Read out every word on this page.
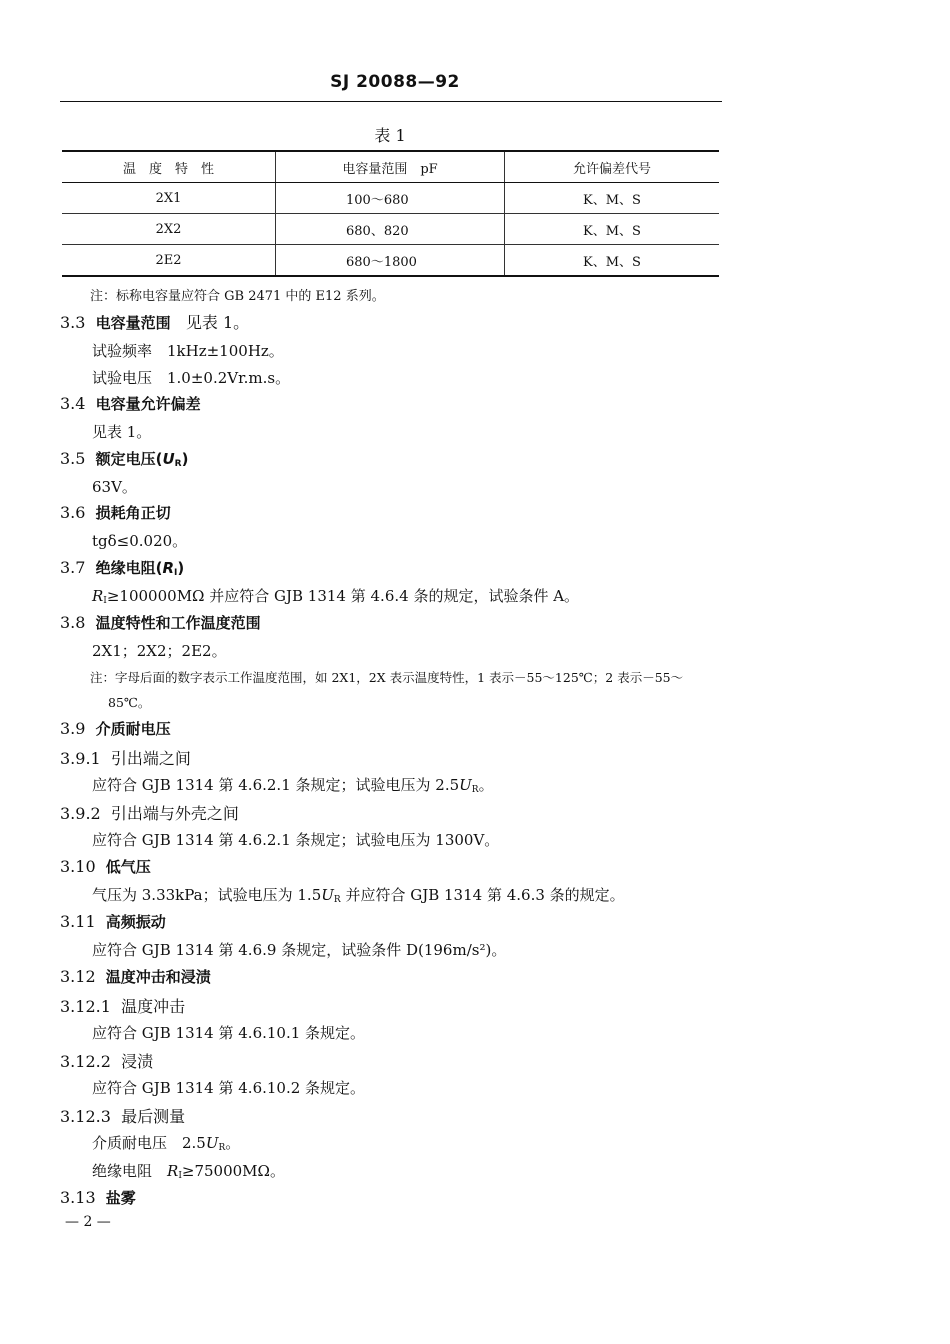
SJ 20088—92
表 1
温　度　特　性	电容量范围　pF	允许偏差代号
2X1	100～680	K、M、S
2X2	680、820	K、M、S
2E2	680～1800	K、M、S
注：标称电容量应符合 GB 2471 中的 E12 系列。
3.3 电容量范围 见表 1。
试验频率　1kHz±100Hz。
试验电压　1.0±0.2Vr.m.s。
3.4 电容量允许偏差
见表 1。
3.5 额定电压$(U_R)$
63V。
3.6 损耗角正切
tgδ≤0.020。
3.7 绝缘电阻$(R_I)$
$R_I\ge 100000M\Omega$ 并应符合 GJB 1314 第 4.6.4 条的规定，试验条件 A。
3.8 温度特性和工作温度范围
2X1；2X2；2E2。
注：字母后面的数字表示工作温度范围，如 2X1，2X 表示温度特性，1 表示－55～125℃；2 表示－55～
85℃。
3.9 介质耐电压
3.9.1 引出端之间
应符合 GJB 1314 第 4.6.2.1 条规定；试验电压为 $2.5U_R$。
3.9.2 引出端与外壳之间
应符合 GJB 1314 第 4.6.2.1 条规定；试验电压为 1300V。
3.10 低气压
气压为 3.33kPa；试验电压为 $1.5U_R$ 并应符合 GJB 1314 第 4.6.3 条的规定。
3.11 高频振动
应符合 GJB 1314 第 4.6.9 条规定，试验条件 D(196m/s²)。
3.12 温度冲击和浸渍
3.12.1 温度冲击
应符合 GJB 1314 第 4.6.10.1 条规定。
3.12.2 浸渍
应符合 GJB 1314 第 4.6.10.2 条规定。
3.12.3 最后测量
介质耐电压　$2.5U_R$。
绝缘电阻　$R_I\ge 75000M\Omega$。
3.13 盐雾
— 2 —
